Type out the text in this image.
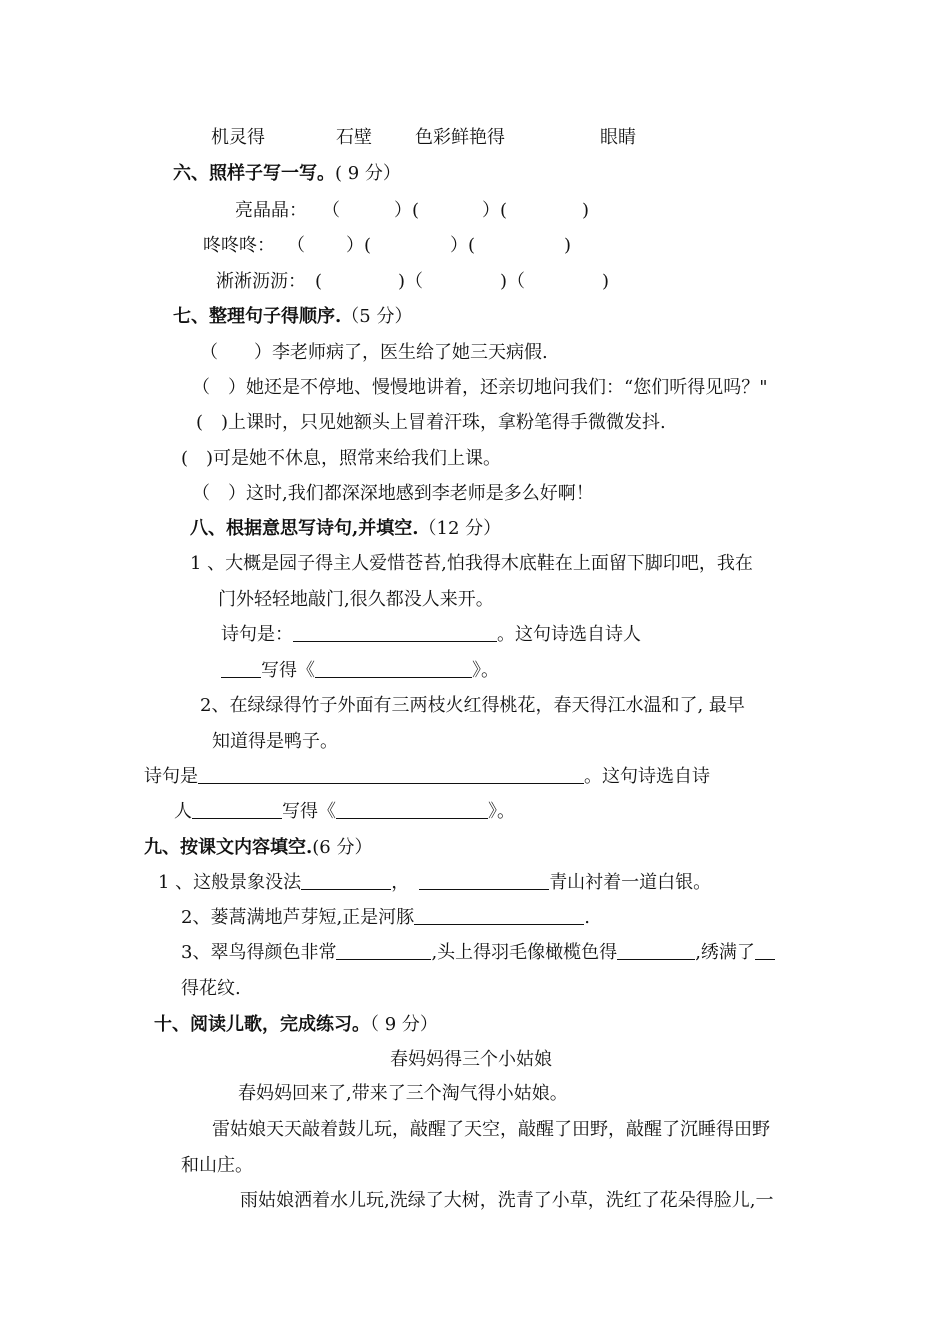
机灵得	石壁 色彩鲜艳得	眼睛
六、照样子写一写。( 9 分）
亮晶晶： （	）(	）(	)
咚咚咚： （ ）(	）(	)
淅淅沥沥： (	)（	)（	)
七、整理句子得顺序.（5 分）
（　　）李老师病了，医生给了她三天病假.
（　）她还是不停地、慢慢地讲着，还亲切地问我们：“您们听得见吗？"
(　)上课时，只见她额头上冒着汗珠，拿粉笔得手微微发抖.
(　)可是她不休息，照常来给我们上课。
（　）这时,我们都深深地感到李老师是多么好啊！
八、根据意思写诗句,并填空.（12 分）
1 、大概是园子得主人爱惜苍苔,怕我得木底鞋在上面留下脚印吧，我在
门外轻轻地敲门,很久都没人来开。
诗句是：	。这句诗选自诗人
写得《	》。
2、在绿绿得竹子外面有三两枝火红得桃花，春天得江水温和了, 最早
知道得是鸭子。
诗句是	。这句诗选自诗
人	写得《	》。
九、按课文内容填空.(6 分）
1 、这般景象没法	，	青山衬着一道白银。
2、蒌蒿满地芦芽短,正是河豚	.
3、翠鸟得颜色非常	,头上得羽毛像橄榄色得	,绣满了
得花纹.
十、阅读儿歌，完成练习。（ 9 分）
春妈妈得三个小姑娘
春妈妈回来了,带来了三个淘气得小姑娘。
雷姑娘天天敲着鼓儿玩，敲醒了天空，敲醒了田野，敲醒了沉睡得田野
和山庄。
雨姑娘洒着水儿玩,洗绿了大树，洗青了小草，洗红了花朵得脸儿,一
